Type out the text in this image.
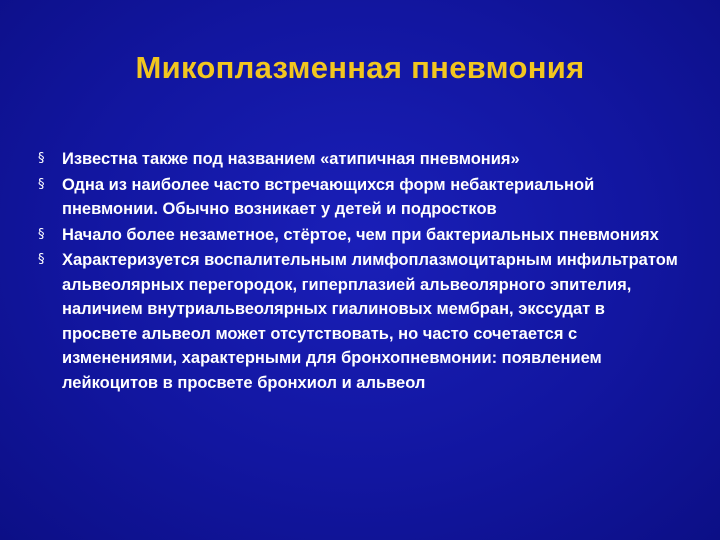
Микоплазменная пневмония
§ Известна также под названием «атипичная пневмония»
§ Одна из наиболее часто встречающихся форм небактериальной пневмонии. Обычно возникает у детей и подростков
§ Начало более незаметное, стёртое, чем при бактериальных пневмониях
§ Характеризуется воспалительным лимфоплазмоцитарным инфильтратом альвеолярных перегородок, гиперплазией альвеолярного эпителия, наличием внутриальвеолярных гиалиновых мембран, экссудат в просвете альвеол может отсутствовать, но часто сочетается с изменениями, характерными для бронхопневмонии: появлением лейкоцитов в просвете бронхиол и альвеол
